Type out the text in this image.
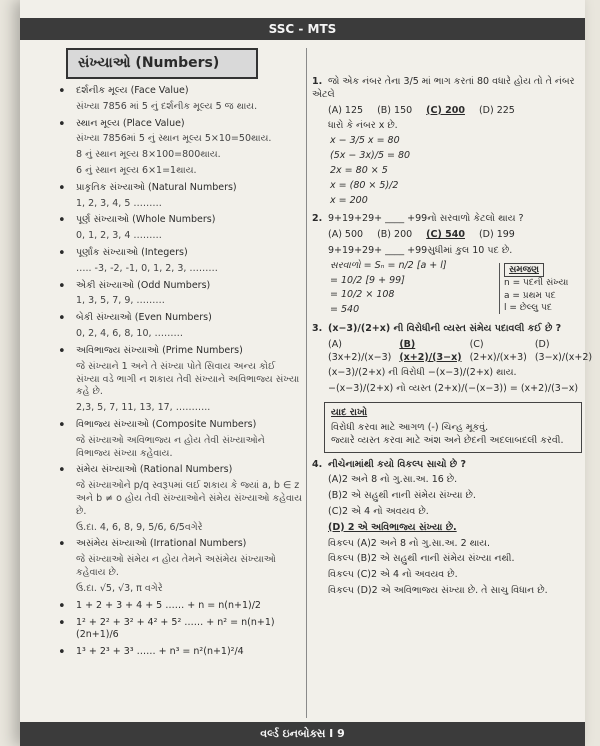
SSC - MTS
સંખ્યાઓ (Numbers)
• દર્શનીક મૂલ્ય (Face Value)
સંખ્યા 7856 માં 5 નું દર્શનીક મૂલ્ય 5 જ થાય.
• સ્થાન મૂલ્ય (Place Value)
સંખ્યા 7856માં 5 નું સ્થાન મૂલ્ય 5×10=50થાય.
8 નું સ્થાન મૂલ્ય 8×100=800થાય.
6 નું સ્થાન મૂલ્ય 6×1=1થાય.
• પ્રાકૃતિક સંખ્યાઓ (Natural Numbers)
1, 2, 3, 4, 5 ………
• પૂર્ણ સંખ્યાઓ (Whole Numbers)
0, 1, 2, 3, 4 ………
• પૂર્ણાંક સંખ્યાઓ (Integers)
….. -3, -2, -1, 0, 1, 2, 3, ………
• એકી સંખ્યાઓ (Odd Numbers)
1, 3, 5, 7, 9, ………
• બેકી સંખ્યાઓ (Even Numbers)
0, 2, 4, 6, 8, 10, ………
• અવિભાજ્ય સંખ્યાઓ (Prime Numbers)
જે સંખ્યાને 1 અને તે સંખ્યા પોતે સિવાય અન્ય કોઈ સંખ્યા વડે ભાગી ન શકાય તેવી સંખ્યાને અવિભાજ્ય સંખ્યા કહે છે.
2,3, 5, 7, 11, 13, 17, ………..
• વિભાજ્ય સંખ્યાઓ (Composite Numbers)
જે સંખ્યાઓ અવિભાજ્ય ન હોય તેવી સંખ્યાઓને વિભાજ્ય સંખ્યા કહેવાય.
• સંમેય સંખ્યાઓ (Rational Numbers)
જે સંખ્યાઓને p/q સ્વરૂપમાં લઈ શકાય કે જ્યાં a, b ∈ z અને b ≠ o હોય તેવી સંખ્યાઓને સંમેય સંખ્યાઓ કહેવાય છે.
ઉ.દા. 4, 6, 8, 9, 5/6, 6/5વગેરે
• અસંમેય સંખ્યાઓ (Irrational Numbers)
જે સંખ્યાઓ સંમેય ન હોય તેમને અસંમેય સંખ્યાઓ કહેવાય છે.
ઉ.દા. √5, √3, π વગેરે
• 1 + 2 + 3 + 4 + 5 …… + n = n(n+1)/2
• 1² + 2² + 3² + 4² + 5² …… + n² = n(n+1)(2n+1)/6
• 1³ + 2³ + 3³ …… + n³ = n²(n+1)²/4
1. જો એક નંબર તેના 3/5 માં ભાગ કરતાં 80 વધારે હોય તો તે નંબર એટલે
(A) 125 (B) 150 (C) 200 (D) 225
ધારો કે નંબર x છે.
x − 3/5 x = 80
(5x − 3x)/5 = 80
2x = 80 × 5
x = (80 × 5)/2
x = 200
2. 9+19+29+ ____ +99નો સરવાળો કેટલો થાય ?
(A) 500 (B) 200 (C) 540 (D) 199
9+19+29+ ____ +99સુધીમાં કુલ 10 પદ છે.
સમજણ
n = પદની સંખ્યા
a = પ્રથમ પદ
l = છેલ્લુ પદ
સરવાળો = Sₙ = n/2 [a + l]
= 10/2 [9 + 99]
= 10/2 × 108
= 540
3. (x−3)/(2+x) ની વિરોધીની વ્યસ્ત સંમેય પદાવલી કઈ છે ?
(A) (3x+2)/(x−3)
(B) (x+2)/(3−x)
(C) (2+x)/(x+3)
(D) (3−x)/(x+2)
(x−3)/(2+x) ની વિરોધી −(x−3)/(2+x) થાય.
−(x−3)/(2+x) નો વ્યસ્ત (2+x)/(−(x−3)) = (x+2)/(3−x)
યાદ રાખો
વિરોધી કરવા માટે આગળ (-) ચિન્હ મૂકવું.
જ્યારે વ્યસ્ત કરવા માટે અંશ અને છેદની અદલાબદલી કરવી.
4. નીચેનામાંથી કયો વિકલ્પ સાચો છે ?
(A)2 અને 8 નો ગુ.સા.અ. 16 છે.
(B)2 એ સહુથી નાની સંમેય સંખ્યા છે.
(C)2 એ 4 નો અવયવ છે.
(D) 2 એ અવિભાજ્ય સંખ્યા છે.
વિકલ્પ (A)2 અને 8 નો ગુ.સા.અ. 2 થાય.
વિકલ્પ (B)2 એ સહુથી નાની સંમેય સંખ્યા નથી.
વિકલ્પ (C)2 એ 4 નો અવયવ છે.
વિકલ્પ (D)2 એ અવિભાજ્ય સંખ્યા છે. તે સાચુ વિધાન છે.
વર્લ્ડ ઇનબોક્સ I 9
